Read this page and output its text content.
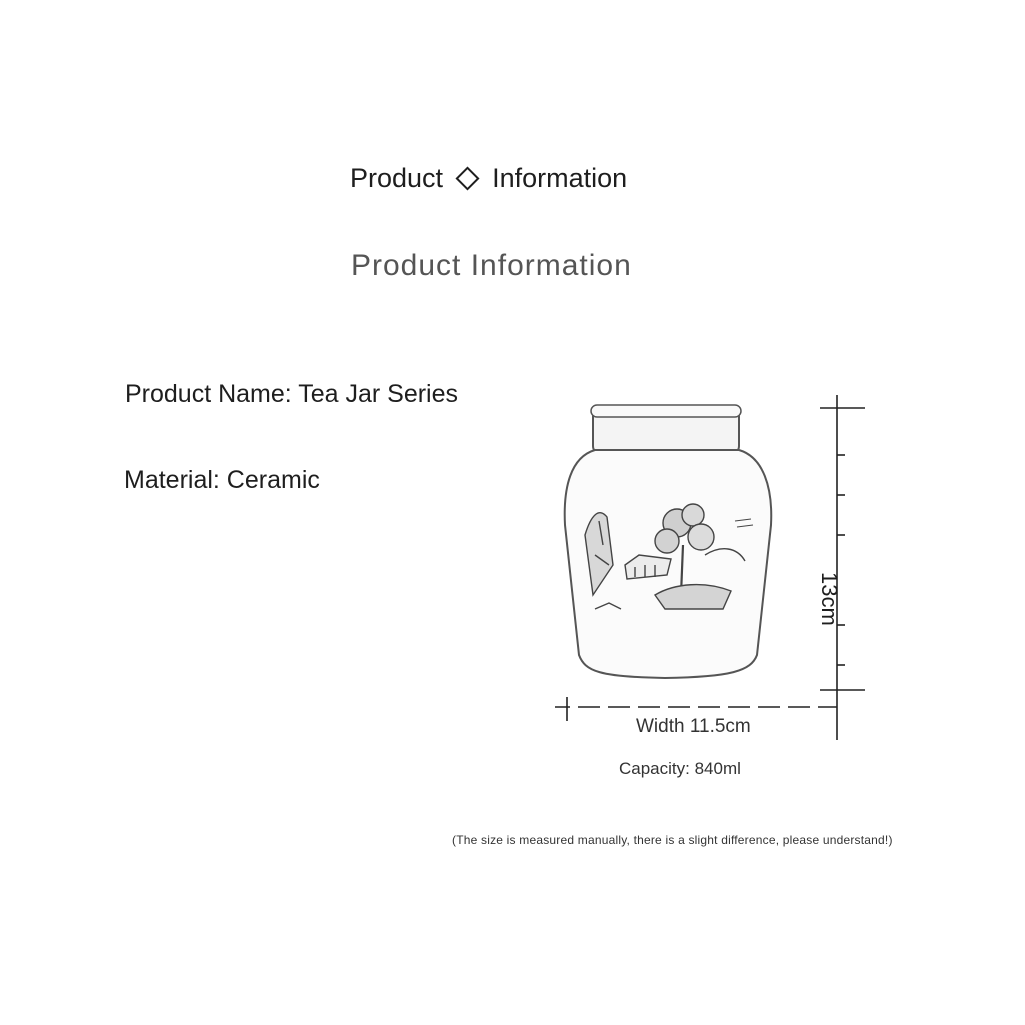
Product Information
Product Information
Product Name: Tea Jar Series
Material: Ceramic
13cm
Width 11.5cm
Capacity: 840ml
(The size is measured manually, there is a slight difference, please understand!)
